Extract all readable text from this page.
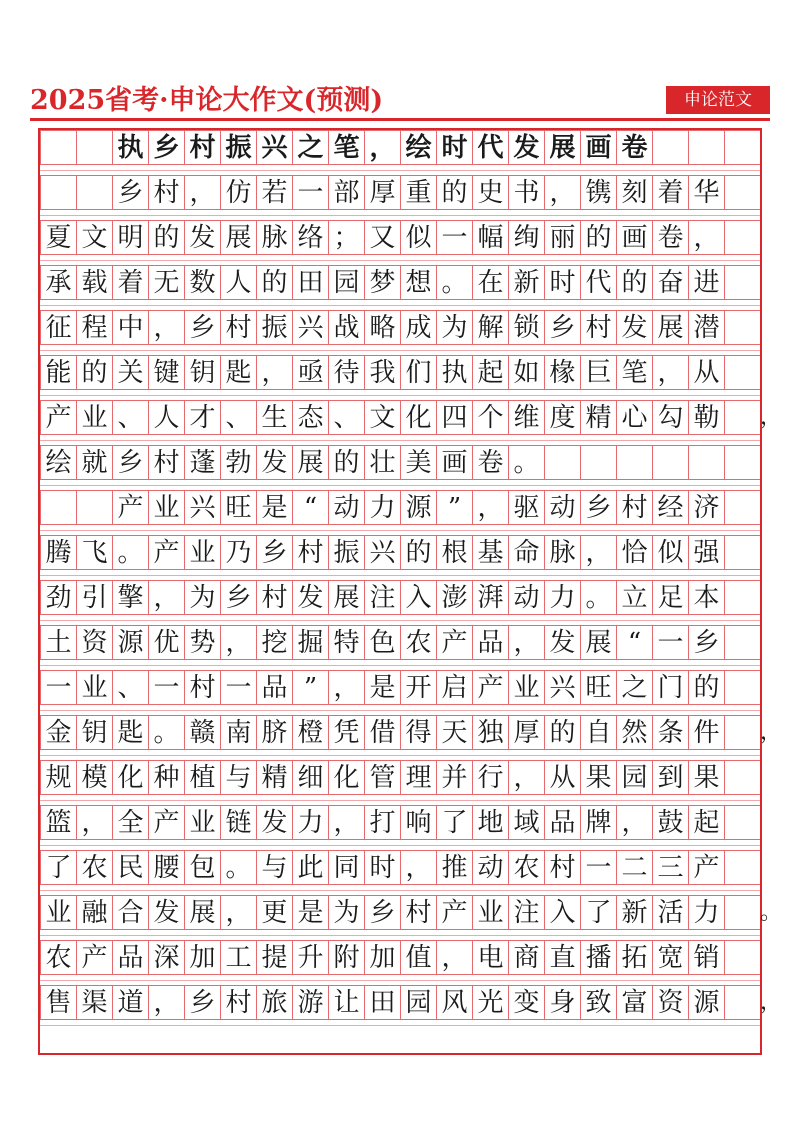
2025省考·申论大作文(预测)	申论范文
执 乡 村 振 兴 之 笔 ， 绘 时 代 发 展 画 卷
乡 村 ， 仿 若 一 部 厚 重 的 史 书 ， 镌 刻 着 华
夏 文 明 的 发 展 脉 络 ； 又 似 一 幅 绚 丽 的 画 卷 ，
承 载 着 无 数 人 的 田 园 梦 想 。 在 新 时 代 的 奋 进
征 程 中 ， 乡 村 振 兴 战 略 成 为 解 锁 乡 村 发 展 潜
能 的 关 键 钥 匙 ， 亟 待 我 们 执 起 如 椽 巨 笔 ， 从
产 业 、 人 才 、 生 态 、 文 化 四 个 维 度 精 心 勾 勒 ，
绘 就 乡 村 蓬 勃 发 展 的 壮 美 画 卷 。
产 业 兴 旺 是 “ 动 力 源 ” ， 驱 动 乡 村 经 济
腾 飞 。 产 业 乃 乡 村 振 兴 的 根 基 命 脉 ， 恰 似 强
劲 引 擎 ， 为 乡 村 发 展 注 入 澎 湃 动 力 。 立 足 本
土 资 源 优 势 ， 挖 掘 特 色 农 产 品 ， 发 展 “ 一 乡
一 业 、 一 村 一 品 ” ， 是 开 启 产 业 兴 旺 之 门 的
金 钥 匙 。 赣 南 脐 橙 凭 借 得 天 独 厚 的 自 然 条 件 ，
规 模 化 种 植 与 精 细 化 管 理 并 行 ， 从 果 园 到 果
篮 ， 全 产 业 链 发 力 ， 打 响 了 地 域 品 牌 ， 鼓 起
了 农 民 腰 包 。 与 此 同 时 ， 推 动 农 村 一 二 三 产
业 融 合 发 展 ， 更 是 为 乡 村 产 业 注 入 了 新 活 力 。
农 产 品 深 加 工 提 升 附 加 值 ， 电 商 直 播 拓 宽 销
售 渠 道 ， 乡 村 旅 游 让 田 园 风 光 变 身 致 富 资 源 ，
